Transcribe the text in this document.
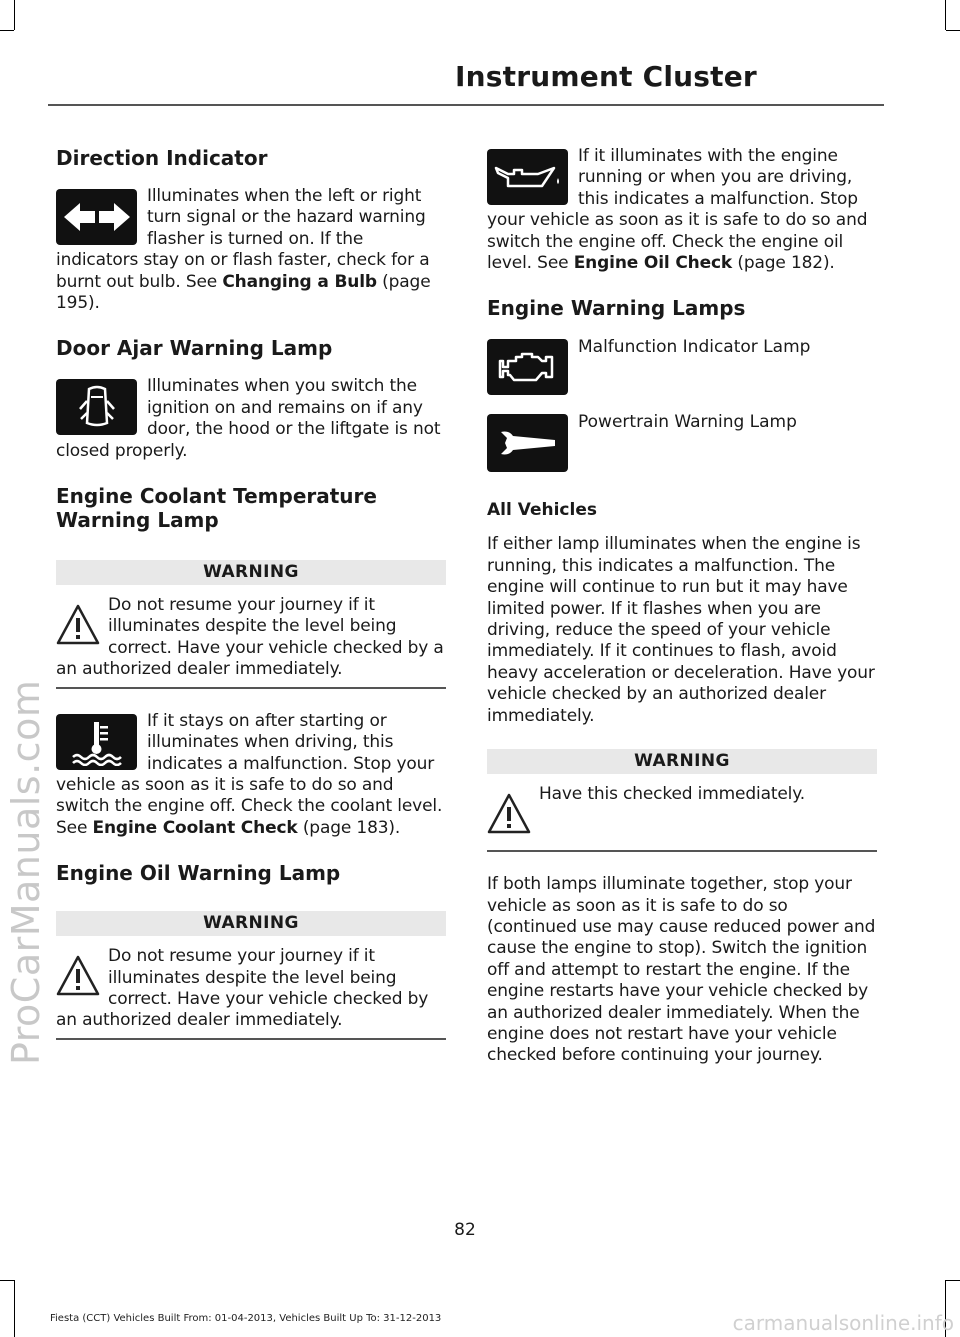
Instrument Cluster
Direction Indicator

Illuminates when the left or right turn signal or the hazard warning flasher is turned on. If the indicators stay on or flash faster, check for a burnt out bulb. See Changing a Bulb (page 195).

Door Ajar Warning Lamp

Illuminates when you switch the ignition on and remains on if any door, the hood or the liftgate is not closed properly.

Engine Coolant Temperature Warning Lamp
WARNING

Do not resume your journey if it illuminates despite the level being correct. Have your vehicle checked by a an authorized dealer immediately.

If it stays on after starting or illuminates when driving, this indicates a malfunction. Stop your vehicle as soon as it is safe to do so and switch the engine off. Check the coolant level. See Engine Coolant Check (page 183).

Engine Oil Warning Lamp
WARNING

Do not resume your journey if it illuminates despite the level being correct. Have your vehicle checked by an authorized dealer immediately.

If it illuminates with the engine running or when you are driving, this indicates a malfunction. Stop your vehicle as soon as it is safe to do so and switch the engine off. Check the engine oil level. See Engine Oil Check (page 182).

Engine Warning Lamps
Malfunction Indicator Lamp
Powertrain Warning Lamp
All Vehicles

If either lamp illuminates when the engine is running, this indicates a malfunction. The engine will continue to run but it may have limited power. If it flashes when you are driving, reduce the speed of your vehicle immediately. If it continues to flash, avoid heavy acceleration or deceleration. Have your vehicle checked by an authorized dealer immediately.

WARNING

Have this checked immediately.

If both lamps illuminate together, stop your vehicle as soon as it is safe to do so (continued use may cause reduced power and cause the engine to stop). Switch the ignition off and attempt to restart the engine. If the engine restarts have your vehicle checked by an authorized dealer immediately. When the engine does not restart have your vehicle checked before continuing your journey.

82
Fiesta (CCT) Vehicles Built From: 01-04-2013, Vehicles Built Up To: 31-12-2013
ProCarManuals.com
carmanualsonline.info
